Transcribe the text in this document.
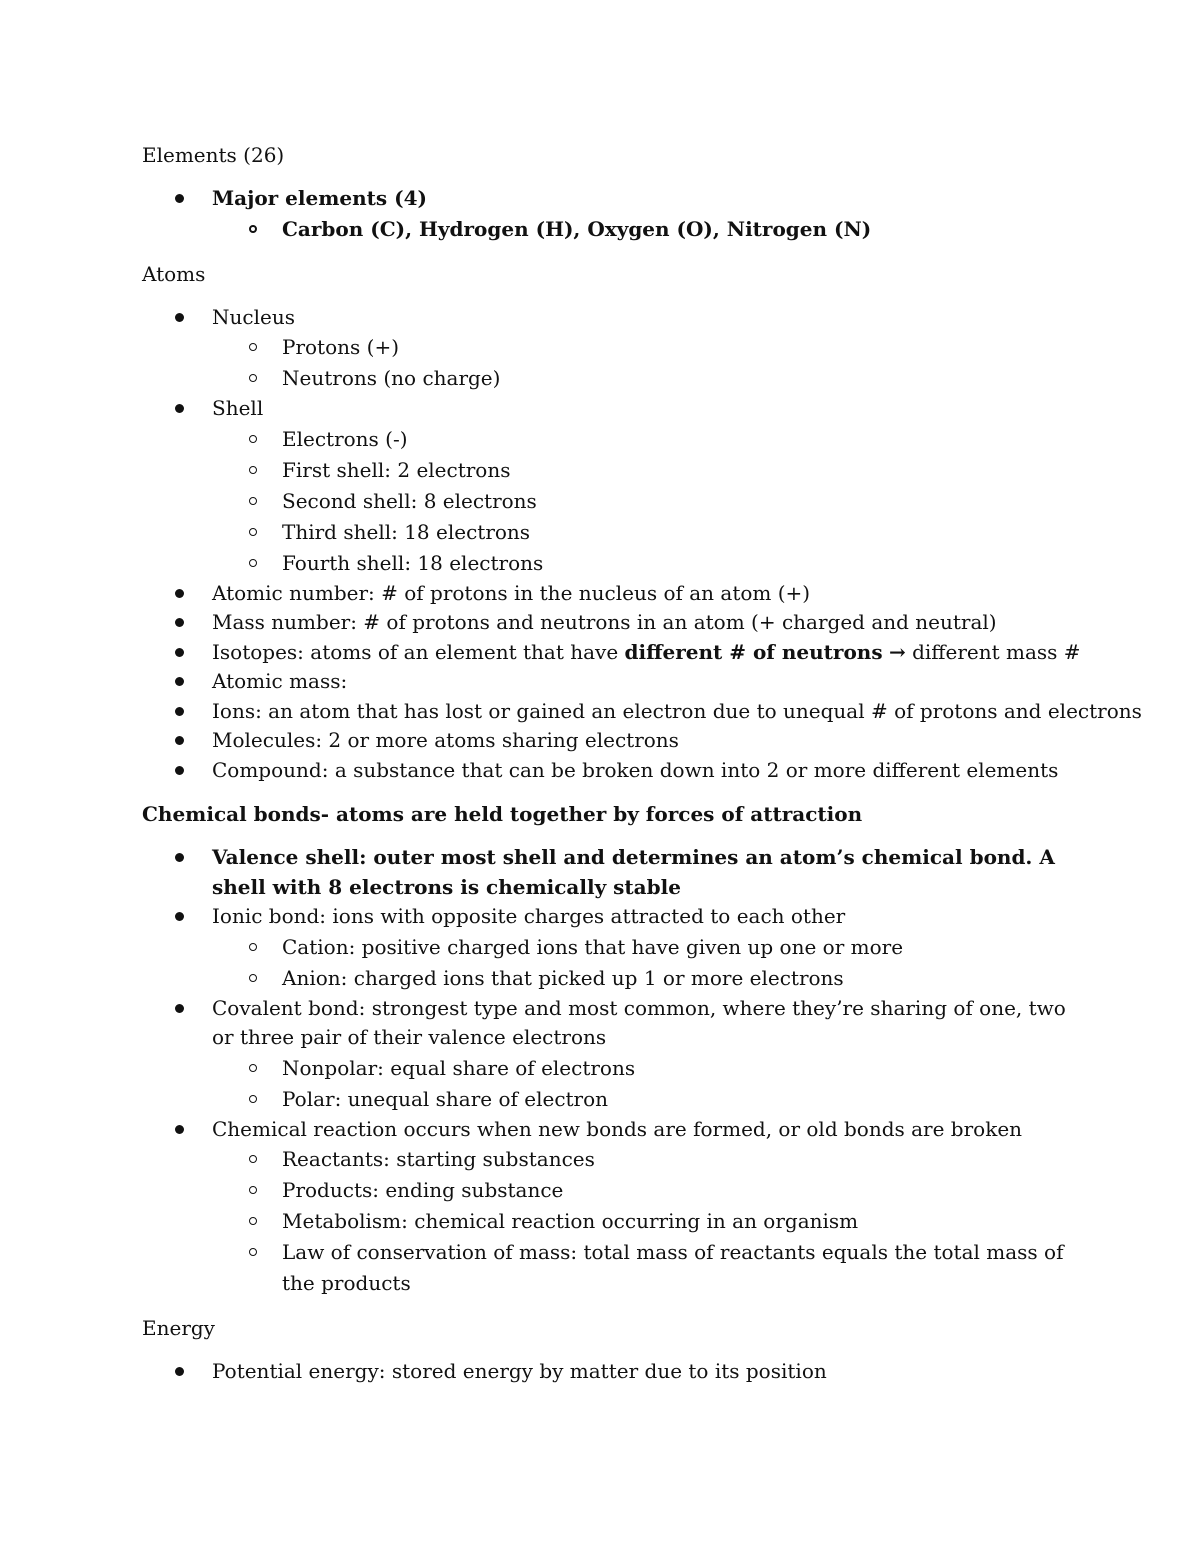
Elements (26)
Major elements (4)
Carbon (C), Hydrogen (H), Oxygen (O), Nitrogen (N)
Atoms
Nucleus
Protons (+)
Neutrons (no charge)
Shell
Electrons (-)
First shell: 2 electrons
Second shell: 8 electrons
Third shell: 18 electrons
Fourth shell: 18 electrons
Atomic number: # of protons in the nucleus of an atom (+)
Mass number: # of protons and neutrons in an atom (+ charged and neutral)
Isotopes: atoms of an element that have different # of neutrons → different mass #
Atomic mass:
Ions: an atom that has lost or gained an electron due to unequal # of protons and electrons
Molecules: 2 or more atoms sharing electrons
Compound: a substance that can be broken down into 2 or more different elements
Chemical bonds- atoms are held together by forces of attraction
Valence shell: outer most shell and determines an atom’s chemical bond. A shell with 8 electrons is chemically stable
Ionic bond: ions with opposite charges attracted to each other
Cation: positive charged ions that have given up one or more
Anion: charged ions that picked up 1 or more electrons
Covalent bond: strongest type and most common, where they’re sharing of one, two or three pair of their valence electrons
Nonpolar: equal share of electrons
Polar: unequal share of electron
Chemical reaction occurs when new bonds are formed, or old bonds are broken
Reactants: starting substances
Products: ending substance
Metabolism: chemical reaction occurring in an organism
Law of conservation of mass: total mass of reactants equals the total mass of the products
Energy
Potential energy: stored energy by matter due to its position
